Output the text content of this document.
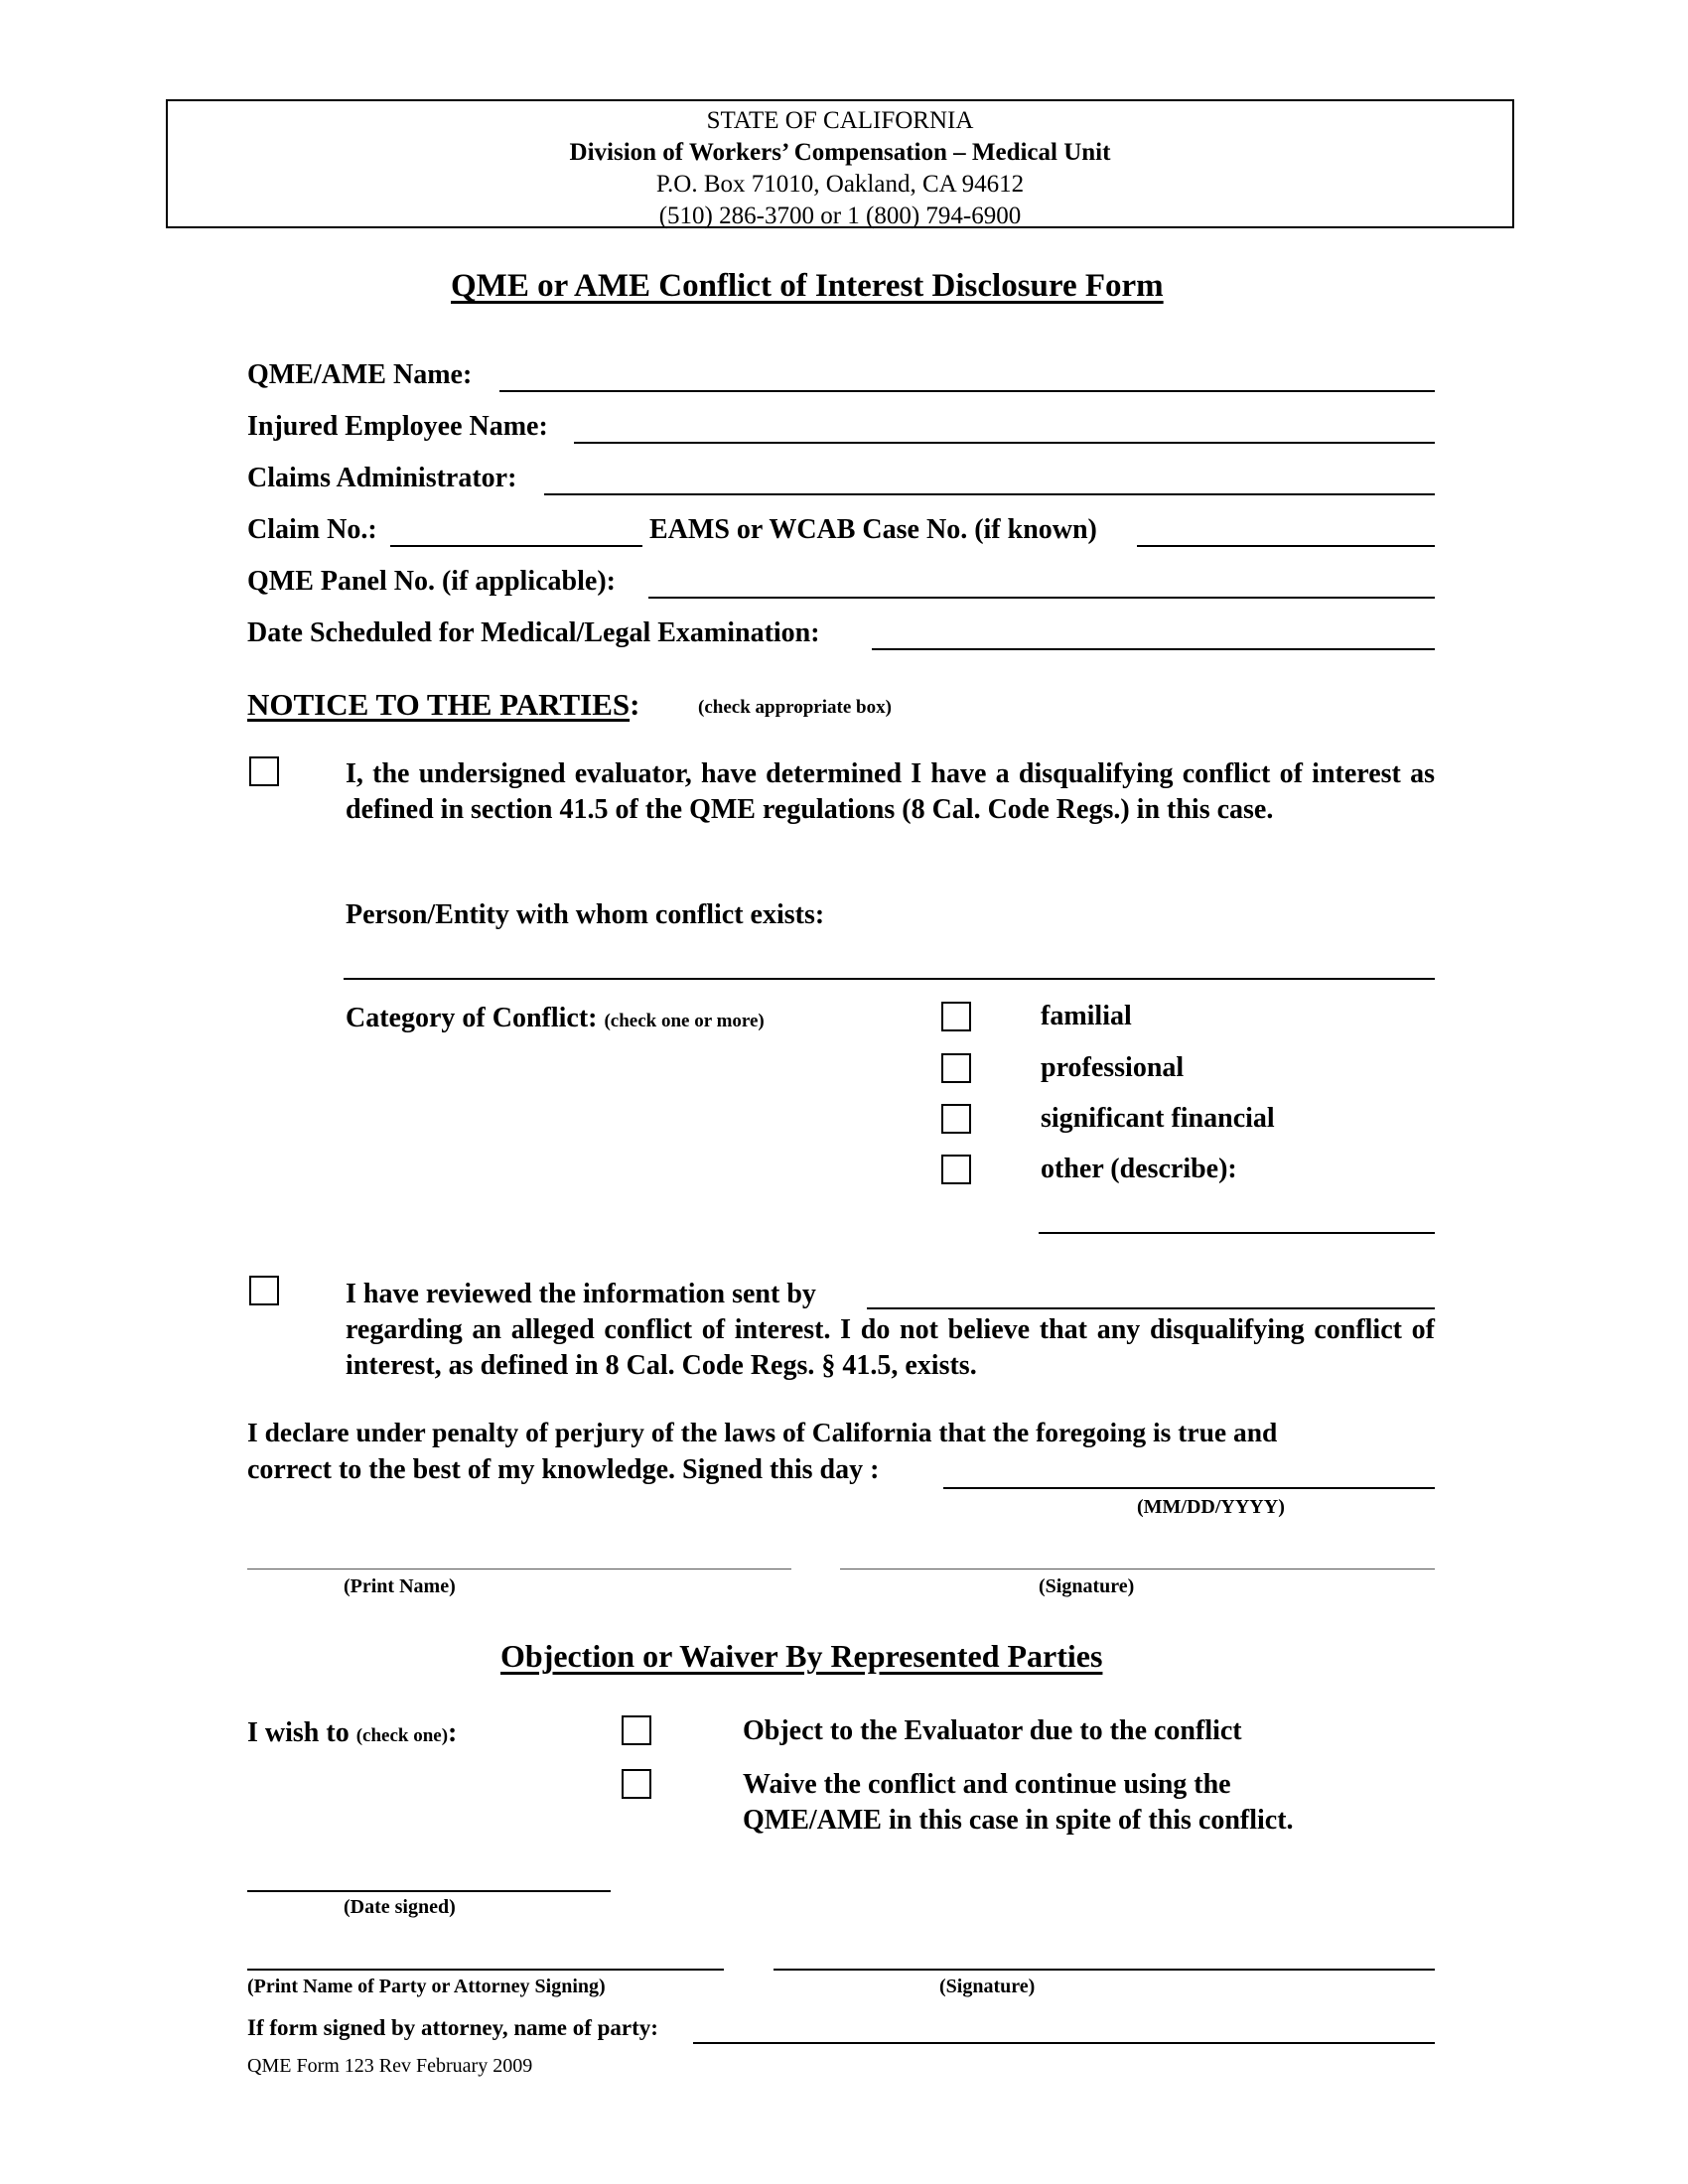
STATE OF CALIFORNIA
Division of Workers’ Compensation – Medical Unit
P.O. Box 71010, Oakland, CA 94612
(510) 286-3700 or 1 (800) 794-6900
QME or AME Conflict of Interest Disclosure Form
QME/AME Name:
Injured Employee Name:
Claims Administrator:
Claim No.:	EAMS or WCAB Case No. (if known)
QME Panel No. (if applicable):
Date Scheduled for Medical/Legal Examination:
NOTICE TO THE PARTIES:	(check appropriate box)
I, the undersigned evaluator, have determined I have a disqualifying conflict of interest as defined in section 41.5 of the QME regulations (8 Cal. Code Regs.) in this case.
Person/Entity with whom conflict exists:
Category of Conflict: (check one or more)	familial
professional
significant financial
other (describe):
I have reviewed the information sent by
regarding an alleged conflict of interest. I do not believe that any disqualifying conflict of interest, as defined in 8 Cal. Code Regs. § 41.5, exists.
I declare under penalty of perjury of the laws of California that the foregoing is true and
correct to the best of my knowledge. Signed this day :
(MM/DD/YYYY)
(Print Name)	(Signature)
Objection or Waiver By Represented Parties
I wish to (check one):	Object to the Evaluator due to the conflict
Waive the conflict and continue using the
QME/AME in this case in spite of this conflict.
(Date signed)
(Print Name of Party or Attorney Signing)	(Signature)
If form signed by attorney, name of party:
QME Form 123 Rev February 2009
